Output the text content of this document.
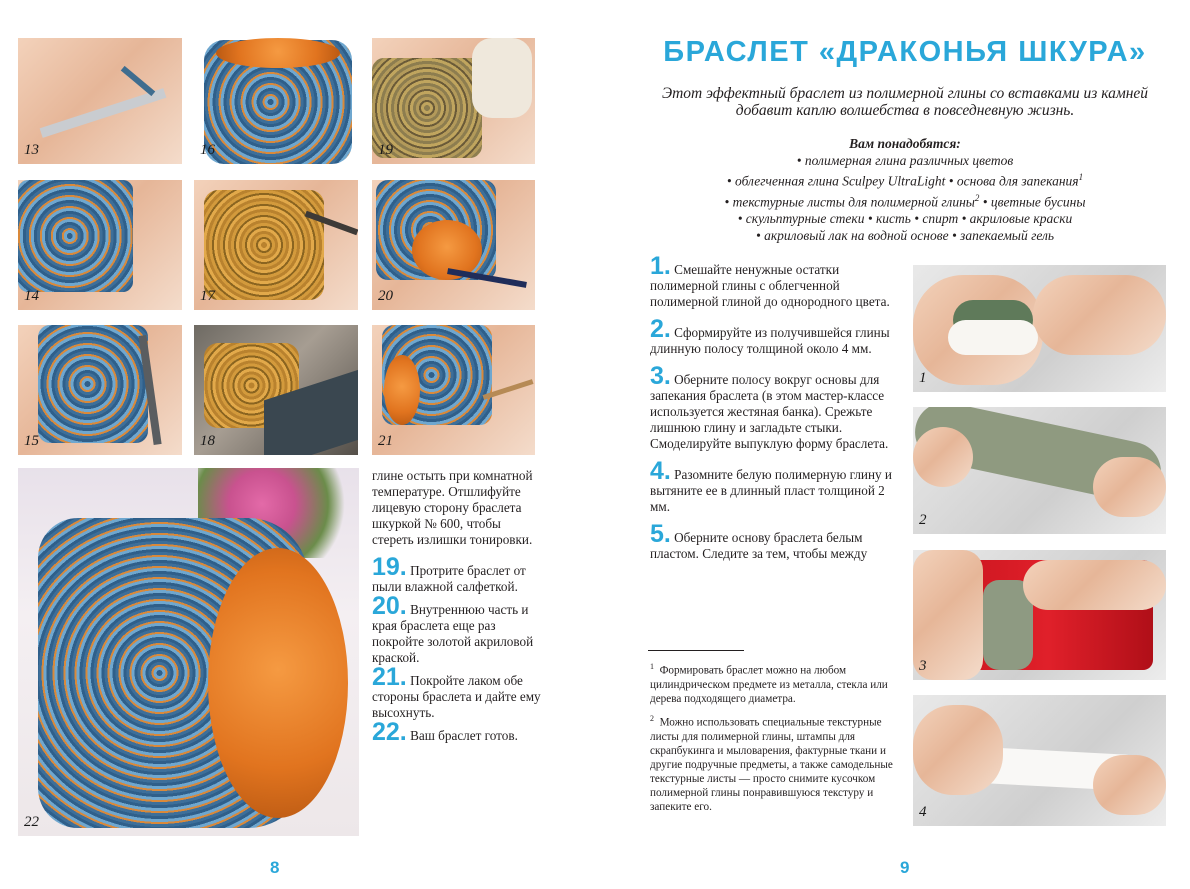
13	16	19
14	17	20
15	18	21
22

глине остыть при комнатной температуре. Отшлифуйте лицевую сторону браслета шкуркой № 600, чтобы стереть излишки тонировки.

19. Протрите браслет от пыли влажной салфеткой.

20. Внутреннюю часть и края браслета еще раз покройте золотой акриловой краской.

21. Покройте лаком обе стороны браслета и дайте ему высохнуть.

22. Ваш браслет готов.

8
БРАСЛЕТ «ДРАКОНЬЯ ШКУРА»
Этот эффектный браслет из полимерной глины со вставками из камней добавит каплю волшебства в повседневную жизнь.
Вам понадобятся:
• полимерная глина различных цветов
• облегченная глина Sculpey UltraLight • основа для запекания$^1$
• текстурные листы для полимерной глины$^2$ • цветные бусины
• скульптурные стеки • кисть • спирт • акриловые краски
• акриловый лак на водной основе • запекаемый гель

1. Смешайте ненужные остатки полимерной глины с облегченной полимерной глиной до однородного цвета.

2. Сформируйте из получившейся глины длинную полосу толщиной около 4 мм.

3. Оберните полосу вокруг основы для запекания браслета (в этом мастер-классе используется жестяная банка). Срежьте лишнюю глину и загладьте стыки. Смоделируйте выпуклую форму браслета.

4. Разомните белую полимерную глину и вытяните ее в длинный пласт толщиной 2 мм.

5. Оберните основу браслета белым пластом. Следите за тем, чтобы между

$^1$ Формировать браслет можно на любом цилиндрическом предмете из металла, стекла или дерева подходящего диаметра.
$^2$ Можно использовать специальные текстурные листы для полимерной глины, штампы для скрапбукинга и мыловарения, фактурные ткани и другие подручные предметы, а также самодельные текстурные листы — просто снимите кусочком полимерной глины понравившуюся текстуру и запеките его.
1
2
3
4
9
